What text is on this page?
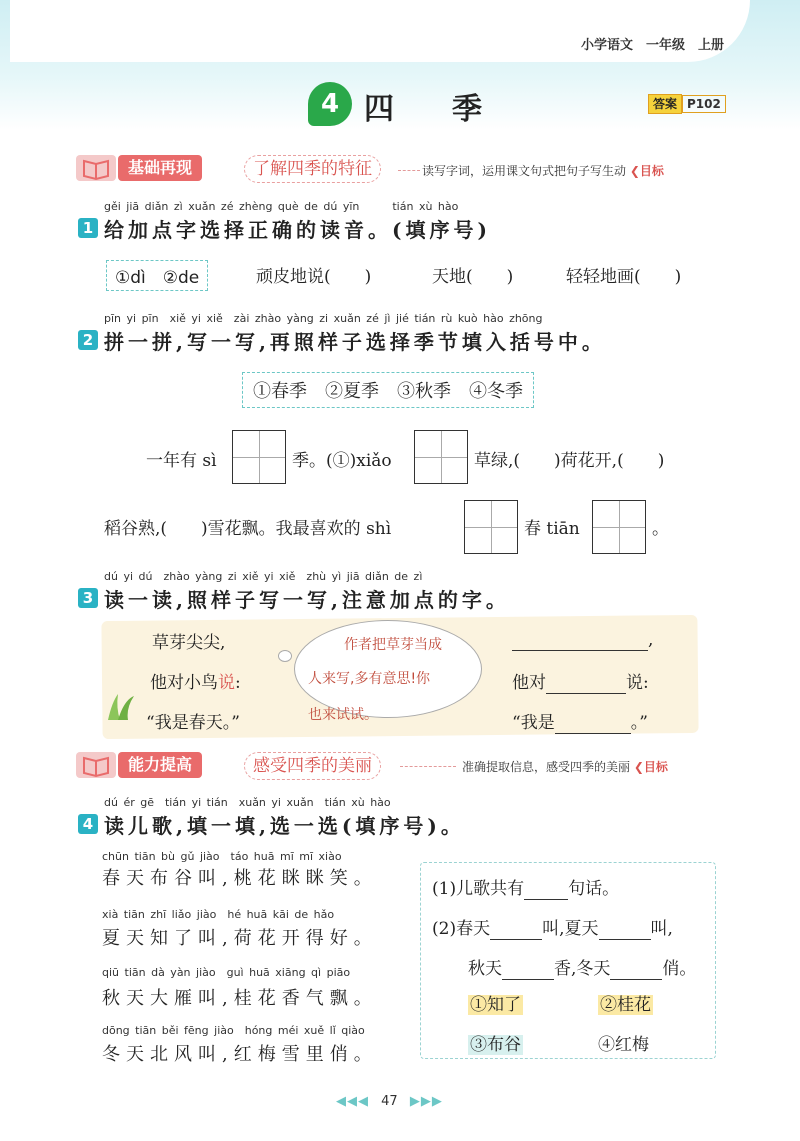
小学语文　一年级　上册
4 四季	答案 P102
基础再现	了解四季的特征	读写字词，运用课文句式把句子写生动 ❮目标
gěi jiā diǎn zì xuǎn zé zhèng què de dú yīn　　　tián xù hào
1 给加点字选择正确的读音。(填序号)
①dì　②de	顽皮地说(　　)	天地(　　)	轻轻地画(　　)
pīn yi pīn　xiě yi xiě　zài zhào yàng zi xuǎn zé jì jié tián rù kuò hào zhōng
2 拼一拼,写一写,再照样子选择季节填入括号中。
①春季　②夏季　③秋季　④冬季
一年有 sì	季。(①)xiǎo	草绿,(　　)荷花开,(　　)
稻谷熟,(　　)雪花飘。我最喜欢的 shì	春 tiān	。
dú yi dú　zhào yàng zi xiě yi xiě　zhù yì jiā diǎn de zì
3 读一读,照样子写一写,注意加点的字。
作者把草芽当成
人来写,多有意思!你
也来试试。
草芽尖尖,
他对小鸟说:
“我是春天。”
,
他对	说:
“我是	。”
能力提高	感受四季的美丽	准确提取信息，感受四季的美丽 ❮目标
dú ér gē　tián yi tián　xuǎn yi xuǎn　tián xù hào
4 读儿歌,填一填,选一选(填序号)。
chūn tiān bù gǔ jiào　táo huā mī mī xiào
春天布谷叫,桃花眯眯笑。
xià tiān zhī liǎo jiào　hé huā kāi de hǎo
夏天知了叫,荷花开得好。
qiū tiān dà yàn jiào　guì huā xiāng qì piāo
秋天大雁叫,桂花香气飘。
dōng tiān běi fēng jiào　hóng méi xuě lǐ qiào
冬天北风叫,红梅雪里俏。
(1)儿歌共有	句话。
(2)春天	叫,夏天	叫,
秋天	香,冬天	俏。
①知了	②桂花
③布谷	④红梅
◀◀◀ 47 ▶▶▶
